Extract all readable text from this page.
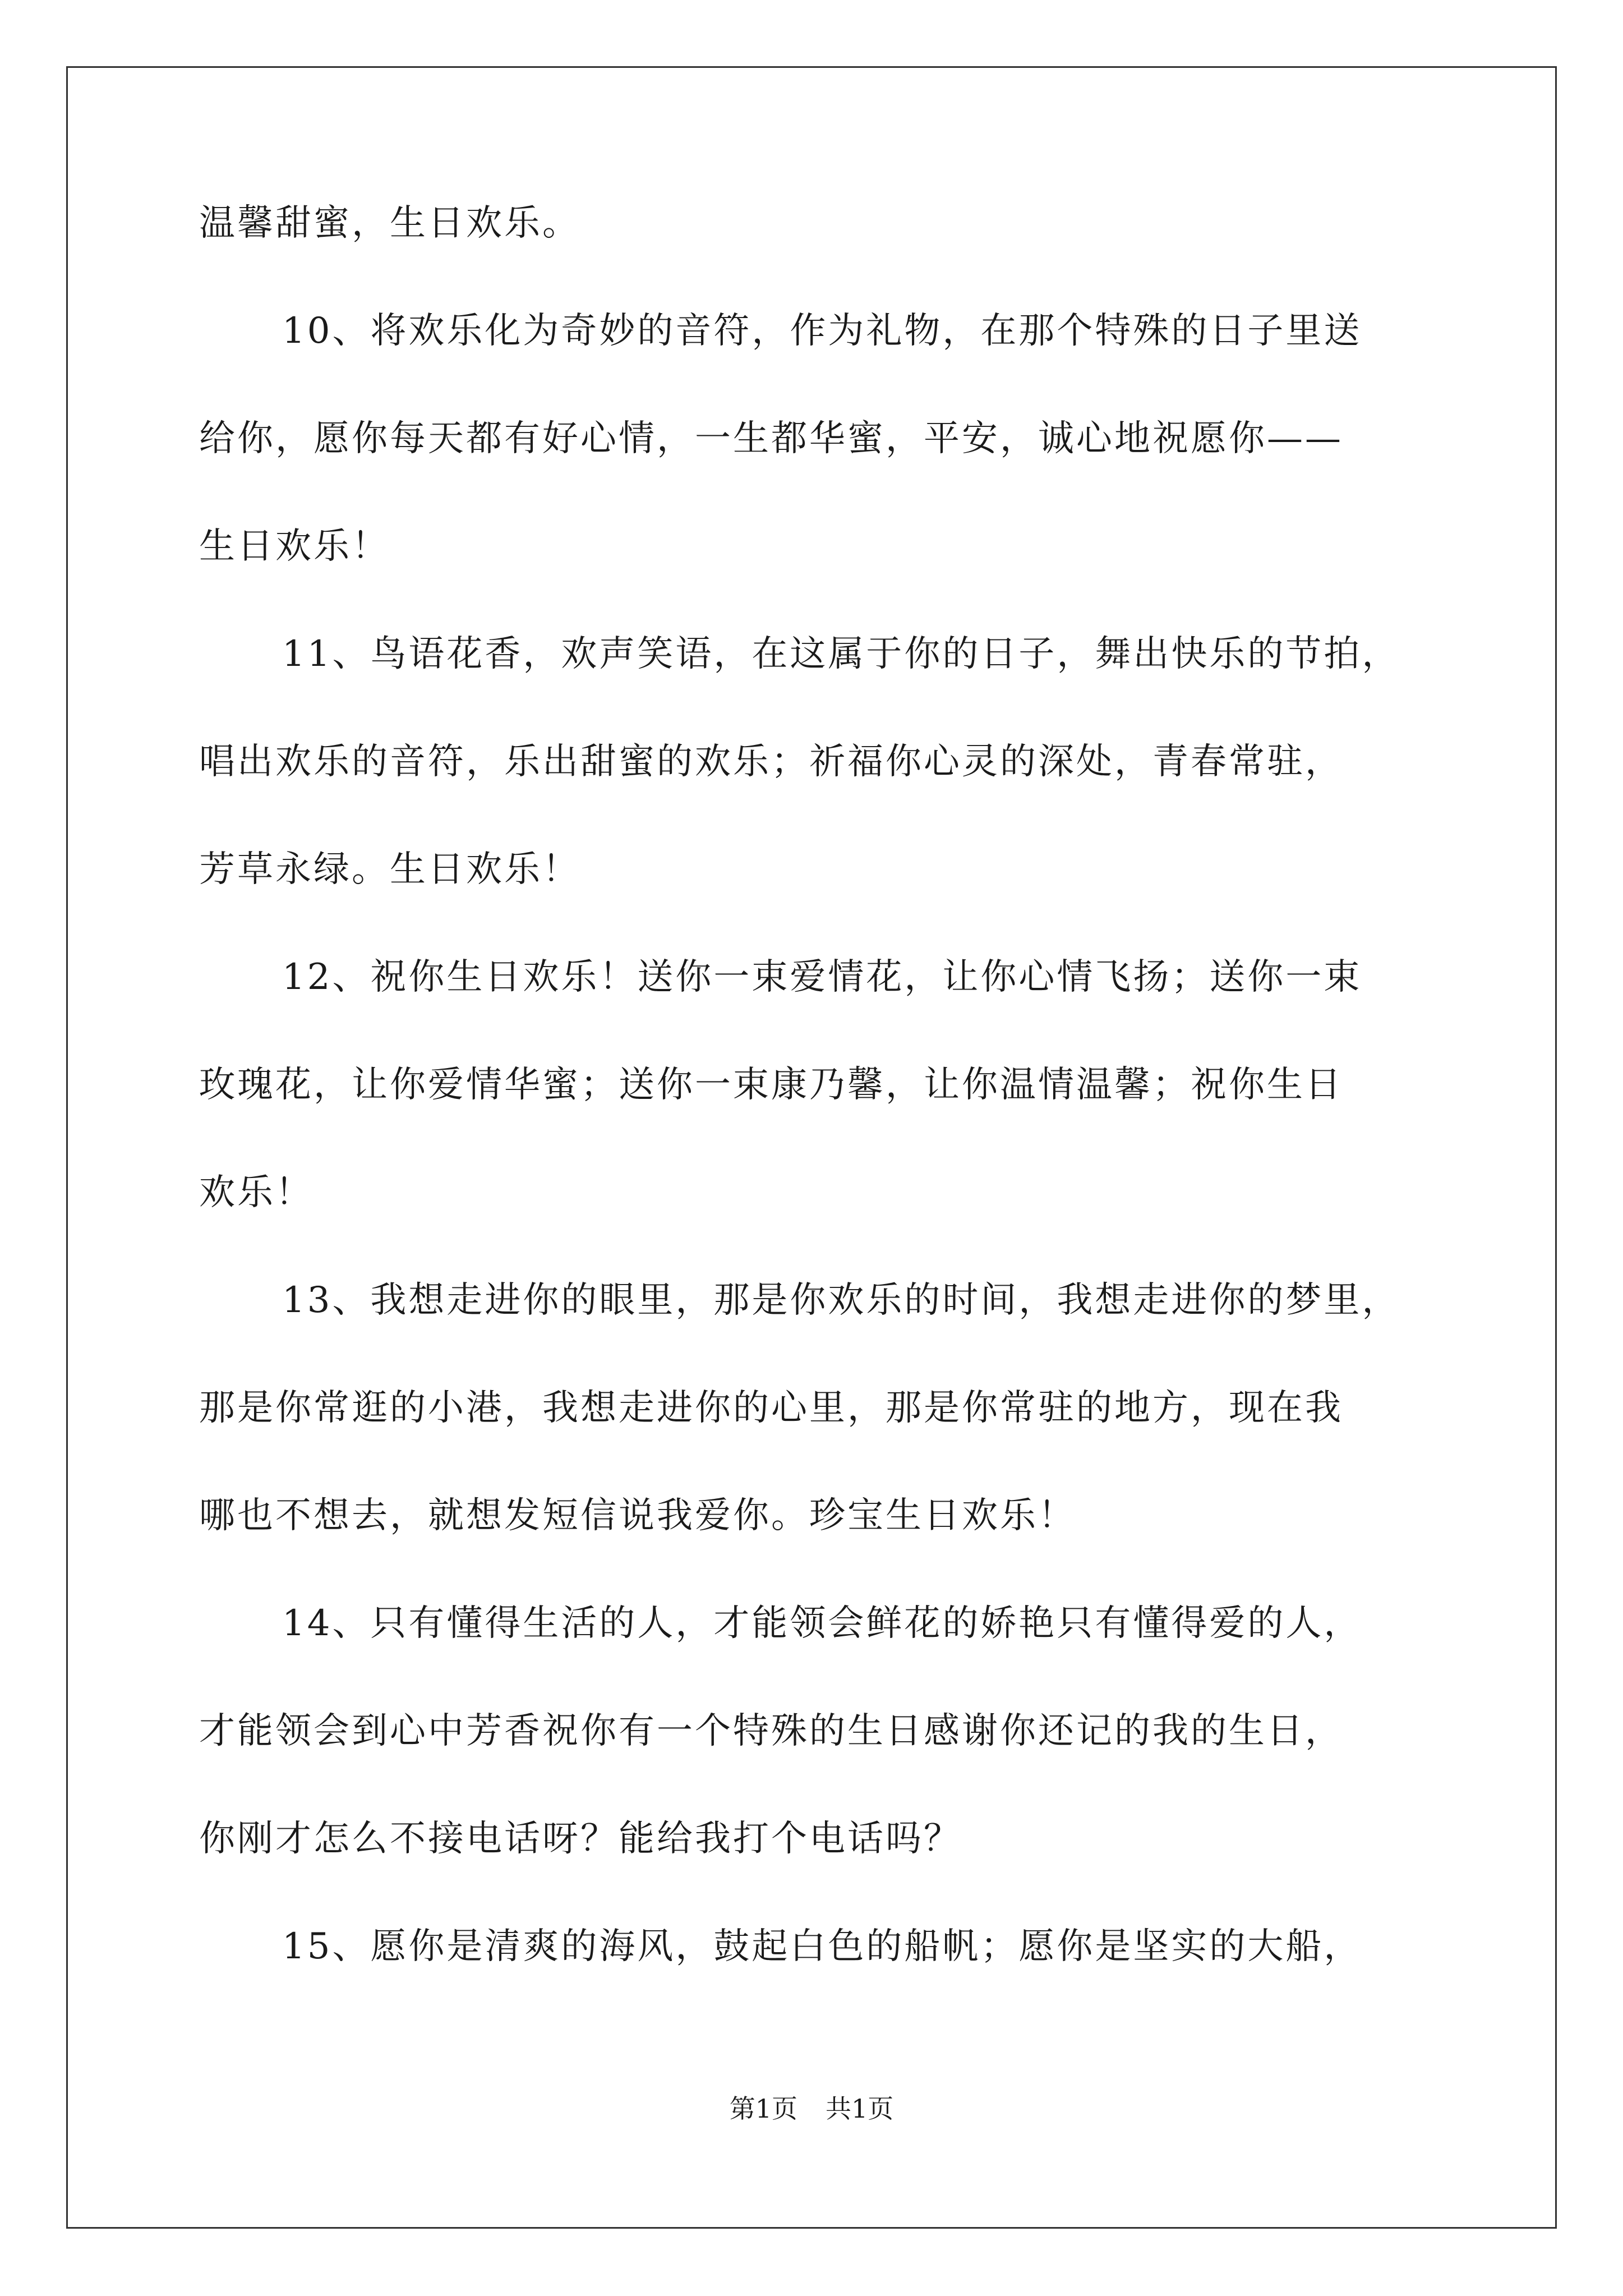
温馨甜蜜，生日欢乐。
10、将欢乐化为奇妙的音符，作为礼物，在那个特殊的日子里送
给你，愿你每天都有好心情，一生都华蜜，平安，诚心地祝愿你——
生日欢乐！
11、鸟语花香，欢声笑语，在这属于你的日子，舞出快乐的节拍，
唱出欢乐的音符，乐出甜蜜的欢乐；祈福你心灵的深处，青春常驻，
芳草永绿。生日欢乐！
12、祝你生日欢乐！送你一束爱情花，让你心情飞扬；送你一束
玫瑰花，让你爱情华蜜；送你一束康乃馨，让你温情温馨；祝你生日
欢乐！
13、我想走进你的眼里，那是你欢乐的时间，我想走进你的梦里，
那是你常逛的小港，我想走进你的心里，那是你常驻的地方，现在我
哪也不想去，就想发短信说我爱你。珍宝生日欢乐！
14、只有懂得生活的人，才能领会鲜花的娇艳只有懂得爱的人，
才能领会到心中芳香祝你有一个特殊的生日感谢你还记的我的生日，
你刚才怎么不接电话呀？能给我打个电话吗？
15、愿你是清爽的海风，鼓起白色的船帆；愿你是坚实的大船，
第1页 共1页
